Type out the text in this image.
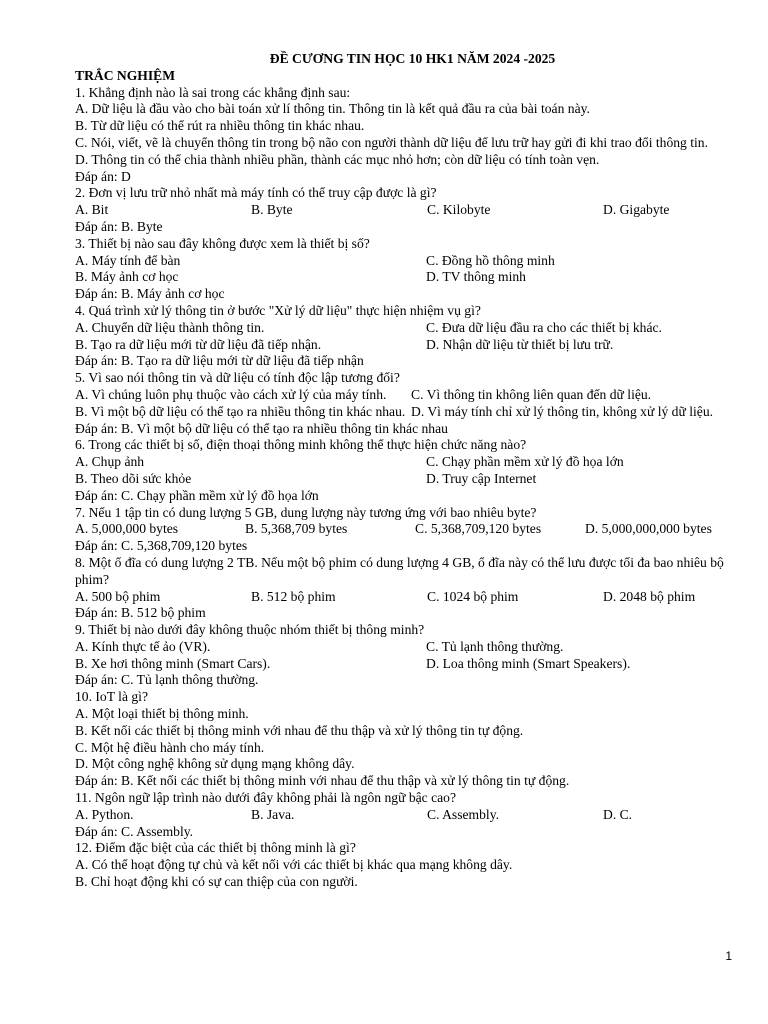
ĐỀ CƯƠNG TIN HỌC 10 HK1 NĂM 2024 -2025
TRẮC NGHIỆM
1. Khẳng định nào là sai trong các khẳng định sau:
A. Dữ liệu là đầu vào cho bài toán xử lí thông tin. Thông tin là kết quả đầu ra của bài toán này.
B. Từ dữ liệu có thể rút ra nhiều thông tin khác nhau.
C. Nói, viết, vẽ là chuyển thông tin trong bộ não con người thành dữ liệu để lưu trữ hay gửi đi khi trao đổi thông tin.
D. Thông tin có thể chia thành nhiều phần, thành các mục nhỏ hơn; còn dữ liệu có tính toàn vẹn.
Đáp án: D
2. Đơn vị lưu trữ nhỏ nhất mà máy tính có thể truy cập được là gì?
A. Bit	B. Byte	C. Kilobyte	D. Gigabyte
Đáp án: B. Byte
3. Thiết bị nào sau đây không được xem là thiết bị số?
A. Máy tính để bàn	C. Đồng hồ thông minh
B. Máy ảnh cơ học	D. TV thông minh
Đáp án: B. Máy ảnh cơ học
4. Quá trình xử lý thông tin ở bước "Xử lý dữ liệu" thực hiện nhiệm vụ gì?
A. Chuyển dữ liệu thành thông tin.	C. Đưa dữ liệu đầu ra cho các thiết bị khác.
B. Tạo ra dữ liệu mới từ dữ liệu đã tiếp nhận.	D. Nhận dữ liệu từ thiết bị lưu trữ.
Đáp án: B. Tạo ra dữ liệu mới từ dữ liệu đã tiếp nhận
5. Vì sao nói thông tin và dữ liệu có tính độc lập tương đối?
A. Vì chúng luôn phụ thuộc vào cách xử lý của máy tính.
B. Vì một bộ dữ liệu có thể tạo ra nhiều thông tin khác nhau.
C. Vì thông tin không liên quan đến dữ liệu.
D. Vì máy tính chỉ xử lý thông tin, không xử lý dữ liệu.
Đáp án: B. Vì một bộ dữ liệu có thể tạo ra nhiều thông tin khác nhau
6. Trong các thiết bị số, điện thoại thông minh không thể thực hiện chức năng nào?
A. Chụp ảnh	C. Chạy phần mềm xử lý đồ họa lớn
B. Theo dõi sức khỏe	D. Truy cập Internet
Đáp án: C. Chạy phần mềm xử lý đồ họa lớn
7. Nếu 1 tập tin có dung lượng 5 GB, dung lượng này tương ứng với bao nhiêu byte?
A. 5,000,000 bytes	B. 5,368,709 bytes	C. 5,368,709,120 bytes	D. 5,000,000,000 bytes
Đáp án: C. 5,368,709,120 bytes
8. Một ổ đĩa có dung lượng 2 TB. Nếu một bộ phim có dung lượng 4 GB, ổ đĩa này có thể lưu được tối đa bao nhiêu bộ phim?
A. 500 bộ phim	B. 512 bộ phim	C. 1024 bộ phim	D. 2048 bộ phim
Đáp án: B. 512 bộ phim
9. Thiết bị nào dưới đây không thuộc nhóm thiết bị thông minh?
A. Kính thực tế ảo (VR).	C. Tủ lạnh thông thường.
B. Xe hơi thông minh (Smart Cars).	D. Loa thông minh (Smart Speakers).
Đáp án: C. Tủ lạnh thông thường.
10. IoT là gì?
A. Một loại thiết bị thông minh.
B. Kết nối các thiết bị thông minh với nhau để thu thập và xử lý thông tin tự động.
C. Một hệ điều hành cho máy tính.
D. Một công nghệ không sử dụng mạng không dây.
Đáp án: B. Kết nối các thiết bị thông minh với nhau để thu thập và xử lý thông tin tự động.
11. Ngôn ngữ lập trình nào dưới đây không phải là ngôn ngữ bậc cao?
A. Python.	B. Java.	C. Assembly.	D. C.
Đáp án: C. Assembly.
12. Điểm đặc biệt của các thiết bị thông minh là gì?
A. Có thể hoạt động tự chủ và kết nối với các thiết bị khác qua mạng không dây.
B. Chỉ hoạt động khi có sự can thiệp của con người.
1
